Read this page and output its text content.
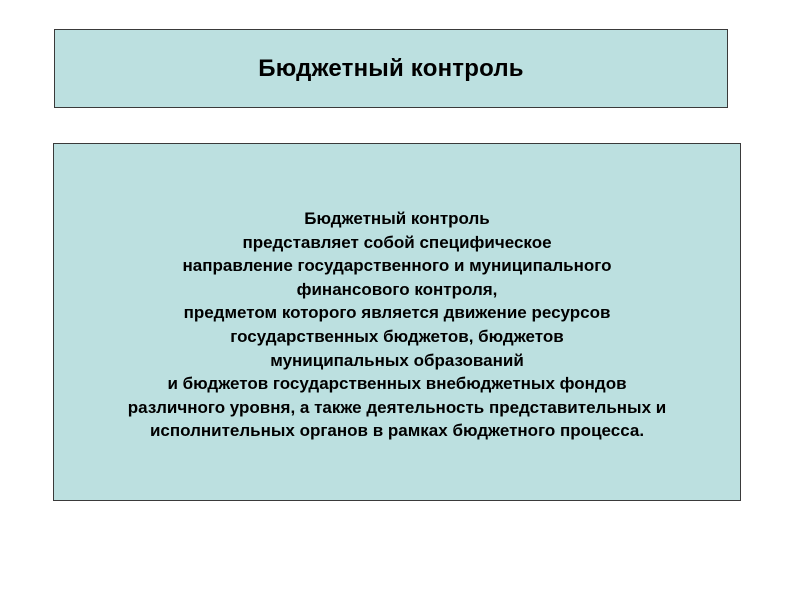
Бюджетный контроль
Бюджетный контроль
представляет собой специфическое
направление государственного и муниципального
финансового контроля,
предметом которого является движение ресурсов
государственных бюджетов, бюджетов
муниципальных образований
и бюджетов государственных внебюджетных фондов
различного уровня, а также деятельность представительных и
исполнительных органов в рамках бюджетного процесса.
